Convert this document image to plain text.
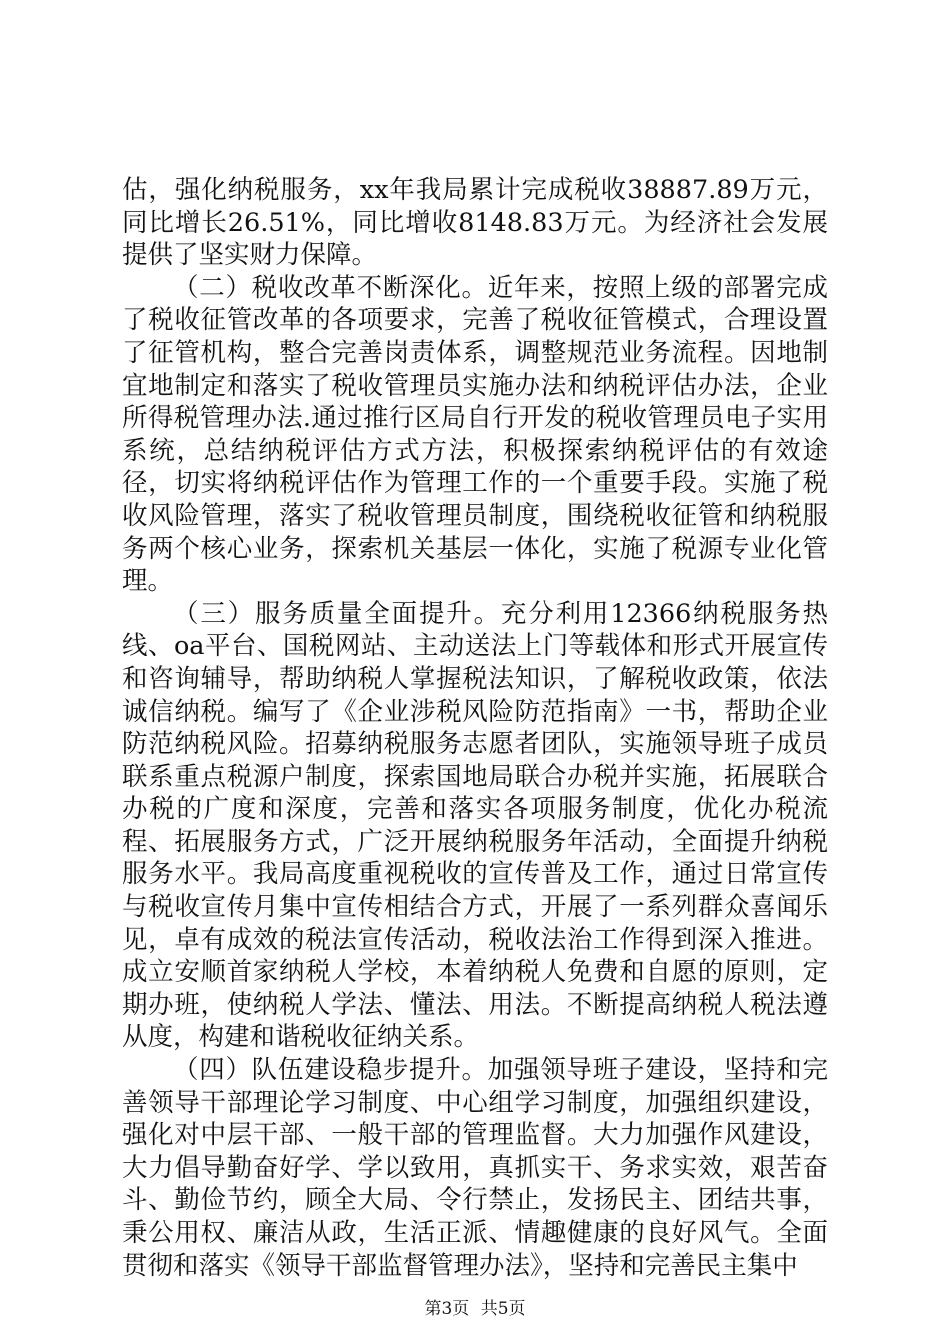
估，强化纳税服务，xx年我局累计完成税收38887.89万元，同比增长26.51%，同比增收8148.83万元。为经济社会发展提供了坚实财力保障。

（二）税收改革不断深化。近年来，按照上级的部署完成了税收征管改革的各项要求，完善了税收征管模式，合理设置了征管机构，整合完善岗责体系，调整规范业务流程。因地制宜地制定和落实了税收管理员实施办法和纳税评估办法，企业所得税管理办法.通过推行区局自行开发的税收管理员电子实用系统，总结纳税评估方式方法，积极探索纳税评估的有效途径，切实将纳税评估作为管理工作的一个重要手段。实施了税收风险管理，落实了税收管理员制度，围绕税收征管和纳税服务两个核心业务，探索机关基层一体化，实施了税源专业化管理。

（三）服务质量全面提升。充分利用12366纳税服务热线、oa平台、国税网站、主动送法上门等载体和形式开展宣传和咨询辅导，帮助纳税人掌握税法知识，了解税收政策，依法诚信纳税。编写了《企业涉税风险防范指南》一书，帮助企业防范纳税风险。招募纳税服务志愿者团队，实施领导班子成员联系重点税源户制度，探索国地局联合办税并实施，拓展联合办税的广度和深度，完善和落实各项服务制度，优化办税流程、拓展服务方式，广泛开展纳税服务年活动，全面提升纳税服务水平。我局高度重视税收的宣传普及工作，通过日常宣传与税收宣传月集中宣传相结合方式，开展了一系列群众喜闻乐见，卓有成效的税法宣传活动，税收法治工作得到深入推进。成立安顺首家纳税人学校，本着纳税人免费和自愿的原则，定期办班，使纳税人学法、懂法、用法。不断提高纳税人税法遵从度，构建和谐税收征纳关系。

（四）队伍建设稳步提升。加强领导班子建设，坚持和完善领导干部理论学习制度、中心组学习制度，加强组织建设，强化对中层干部、一般干部的管理监督。大力加强作风建设，大力倡导勤奋好学、学以致用，真抓实干、务求实效，艰苦奋斗、勤俭节约，顾全大局、令行禁止，发扬民主、团结共事，秉公用权、廉洁从政，生活正派、情趣健康的良好风气。全面贯彻和落实《领导干部监督管理办法》，坚持和完善民主集中

第3页 共5页
